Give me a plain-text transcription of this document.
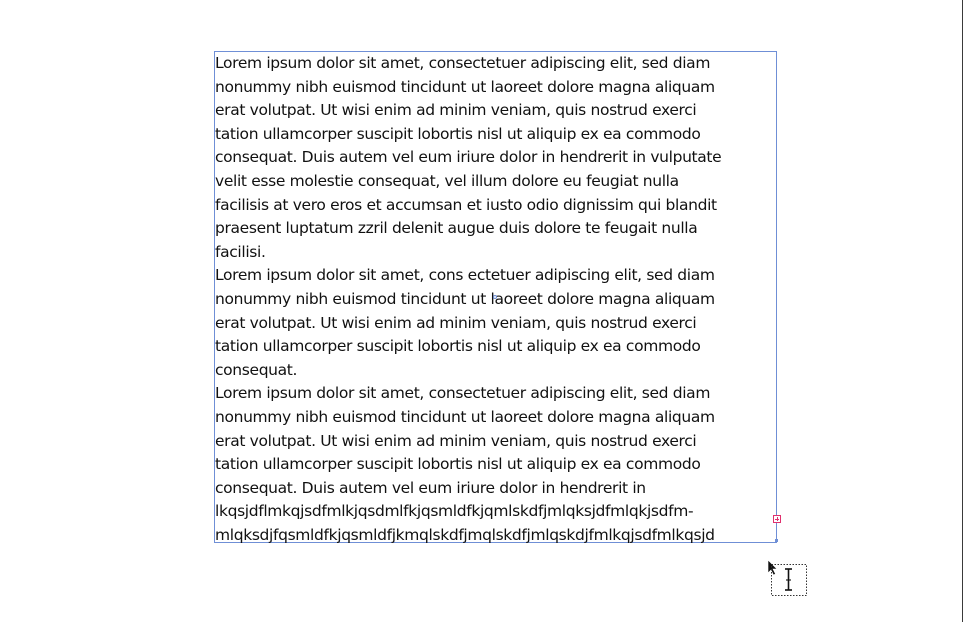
Lorem ipsum dolor sit amet, consectetuer adipiscing elit, sed diam
nonummy nibh euismod tincidunt ut laoreet dolore magna aliquam
erat volutpat. Ut wisi enim ad minim veniam, quis nostrud exerci
tation ullamcorper suscipit lobortis nisl ut aliquip ex ea commodo
consequat. Duis autem vel eum iriure dolor in hendrerit in vulputate
velit esse molestie consequat, vel illum dolore eu feugiat nulla
facilisis at vero eros et accumsan et iusto odio dignissim qui blandit
praesent luptatum zzril delenit augue duis dolore te feugait nulla
facilisi.
Lorem ipsum dolor sit amet, cons ectetuer adipiscing elit, sed diam
nonummy nibh euismod tincidunt ut laoreet dolore magna aliquam
erat volutpat. Ut wisi enim ad minim veniam, quis nostrud exerci
tation ullamcorper suscipit lobortis nisl ut aliquip ex ea commodo
consequat.
Lorem ipsum dolor sit amet, consectetuer adipiscing elit, sed diam
nonummy nibh euismod tincidunt ut laoreet dolore magna aliquam
erat volutpat. Ut wisi enim ad minim veniam, quis nostrud exerci
tation ullamcorper suscipit lobortis nisl ut aliquip ex ea commodo
consequat. Duis autem vel eum iriure dolor in hendrerit in
lkqsjdflmkqjsdfmlkjqsdmlfkjqsmldfkjqmlskdfjmlqksjdfmlqkjsdfm-
mlqksdjfqsmldfkjqsmldfjkmqlskdfjmqlskdfjmlqskdjfmlkqjsdfmlkqsjd
